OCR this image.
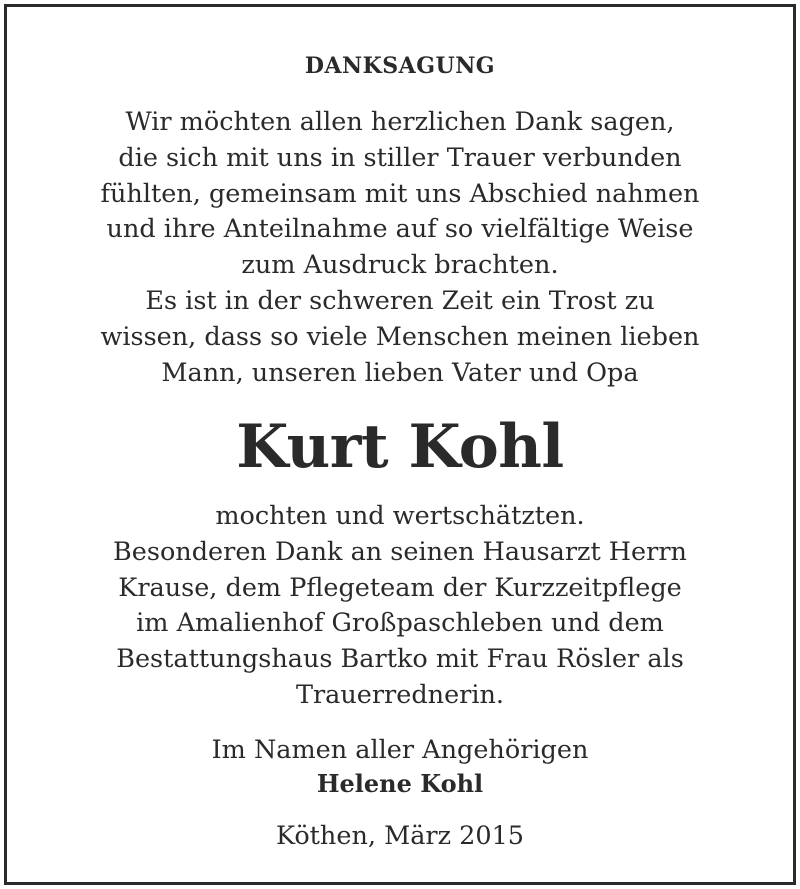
DANKSAGUNG
Wir möchten allen herzlichen Dank sagen,
die sich mit uns in stiller Trauer verbunden
fühlten, gemeinsam mit uns Abschied nahmen
und ihre Anteilnahme auf so vielfältige Weise
zum Ausdruck brachten.
Es ist in der schweren Zeit ein Trost zu
wissen, dass so viele Menschen meinen lieben
Mann, unseren lieben Vater und Opa
Kurt Kohl
mochten und wertschätzten.
Besonderen Dank an seinen Hausarzt Herrn
Krause, dem Pflegeteam der Kurzzeitpflege
im Amalienhof Großpaschleben und dem
Bestattungshaus Bartko mit Frau Rösler als
Trauerrednerin.
Im Namen aller Angehörigen
Helene Kohl
Köthen, März 2015
